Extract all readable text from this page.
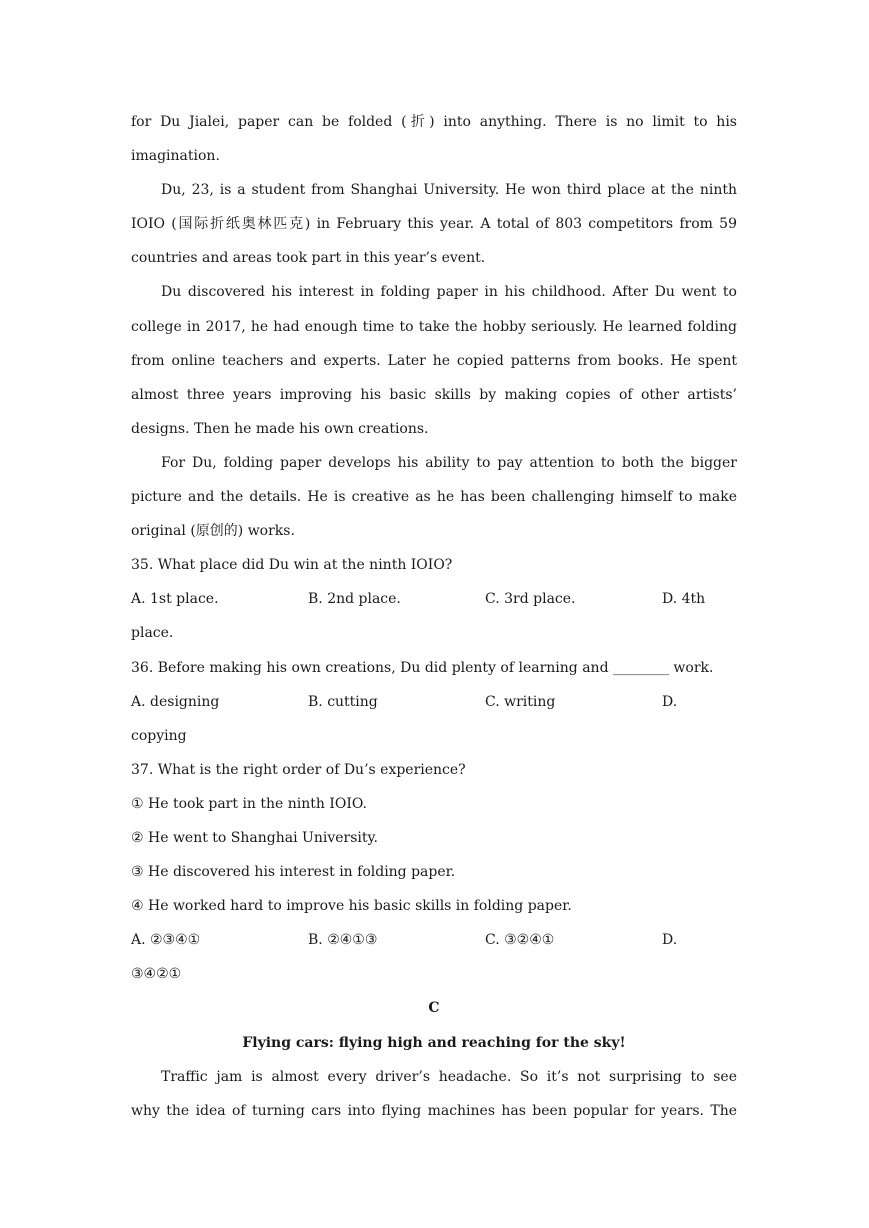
for Du Jialei, paper can be folded (折) into anything. There is no limit to his
imagination.
Du, 23, is a student from Shanghai University. He won third place at the ninth
IOIO (国际折纸奥林匹克) in February this year. A total of 803 competitors from 59
countries and areas took part in this year’s event.
Du discovered his interest in folding paper in his childhood. After Du went to
college in 2017, he had enough time to take the hobby seriously. He learned folding
from online teachers and experts. Later he copied patterns from books. He spent
almost three years improving his basic skills by making copies of other artists’
designs. Then he made his own creations.
For Du, folding paper develops his ability to pay attention to both the bigger
picture and the details. He is creative as he has been challenging himself to make
original (原创的) works.
35. What place did Du win at the ninth IOIO?
A. 1st place.	B. 2nd place.	C. 3rd place.	D. 4th
place.
36. Before making his own creations, Du did plenty of learning and ________ work.
A. designing	B. cutting	C. writing	D.
copying
37. What is the right order of Du’s experience?
① He took part in the ninth IOIO.
② He went to Shanghai University.
③ He discovered his interest in folding paper.
④ He worked hard to improve his basic skills in folding paper.
A. ②③④①	B. ②④①③	C. ③②④①	D.
③④②①
C
Flying cars: flying high and reaching for the sky!
Traffic jam is almost every driver’s headache. So it’s not surprising to see
why the idea of turning cars into flying machines has been popular for years. The
